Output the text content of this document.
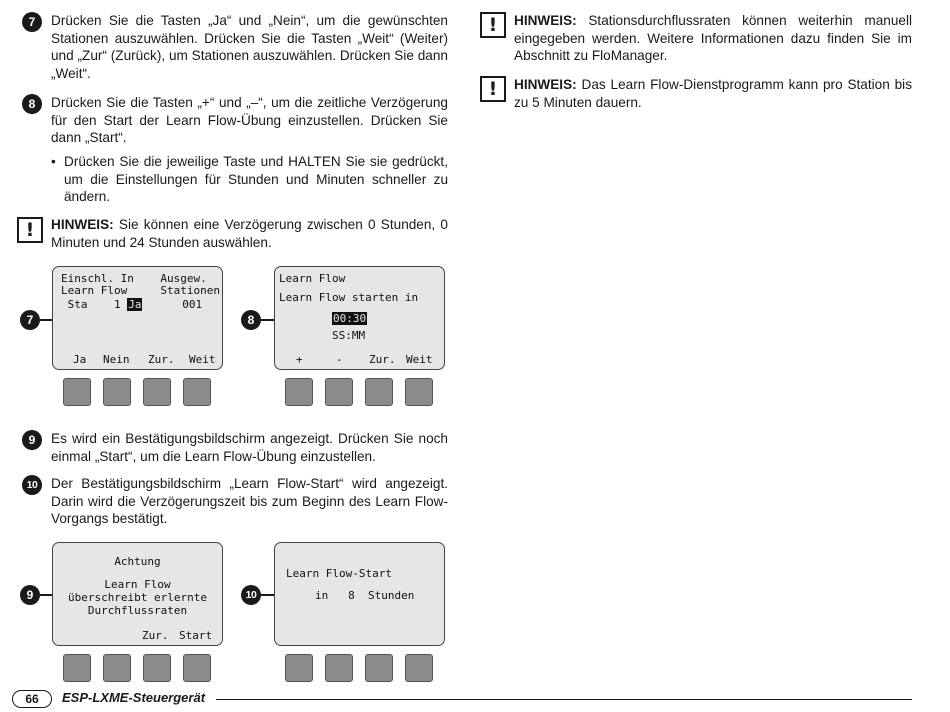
7	Drücken Sie die Tasten „Ja“ und „Nein“, um die gewünschten Stationen auszuwählen. Drücken Sie die Tasten „Weit“ (Weiter) und „Zur“ (Zurück), um Stationen auszuwählen. Drücken Sie dann „Weit“.
8	Drücken Sie die Tasten „+“ und „–“, um die zeitliche Verzögerung für den Start der Learn Flow-Übung einzustellen. Drücken Sie dann „Start“.
• Drücken Sie die jeweilige Taste und HALTEN Sie sie gedrückt, um die Einstellungen für Stunden und Minuten schneller zu ändern.
!	HINWEIS: Sie können eine Verzögerung zwischen 0 Stunden, 0 Minuten und 24 Stunden auswählen.
!	HINWEIS: Stationsdurchflussraten können weiterhin manuell eingegeben werden. Weitere Informationen dazu finden Sie im Abschnitt zu FloManager.
!	HINWEIS: Das Learn Flow-Dienstprogramm kann pro Station bis zu 5 Minuten dauern.
7
Einschl. In    Ausgew.
Learn Flow     Stationen
Sta    1 Ja      001
Ja Nein Zur. Weit
8
Learn Flow
Learn Flow starten in
00:30
SS:MM
+	- Zur. Weit
9	Es wird ein Bestätigungsbildschirm angezeigt. Drücken Sie noch einmal „Start“, um die Learn Flow-Übung einzustellen.
10	Der Bestätigungsbildschirm „Learn Flow-Start“ wird angezeigt. Darin wird die Verzögerungszeit bis zum Beginn des Learn Flow-Vorgangs bestätigt.
9
Achtung
Learn Flow
überschreibt erlernte
Durchflussraten
Zur. Start
10
Learn Flow-Start
in   8  Stunden
66	ESP-LXME-Steuergerät
